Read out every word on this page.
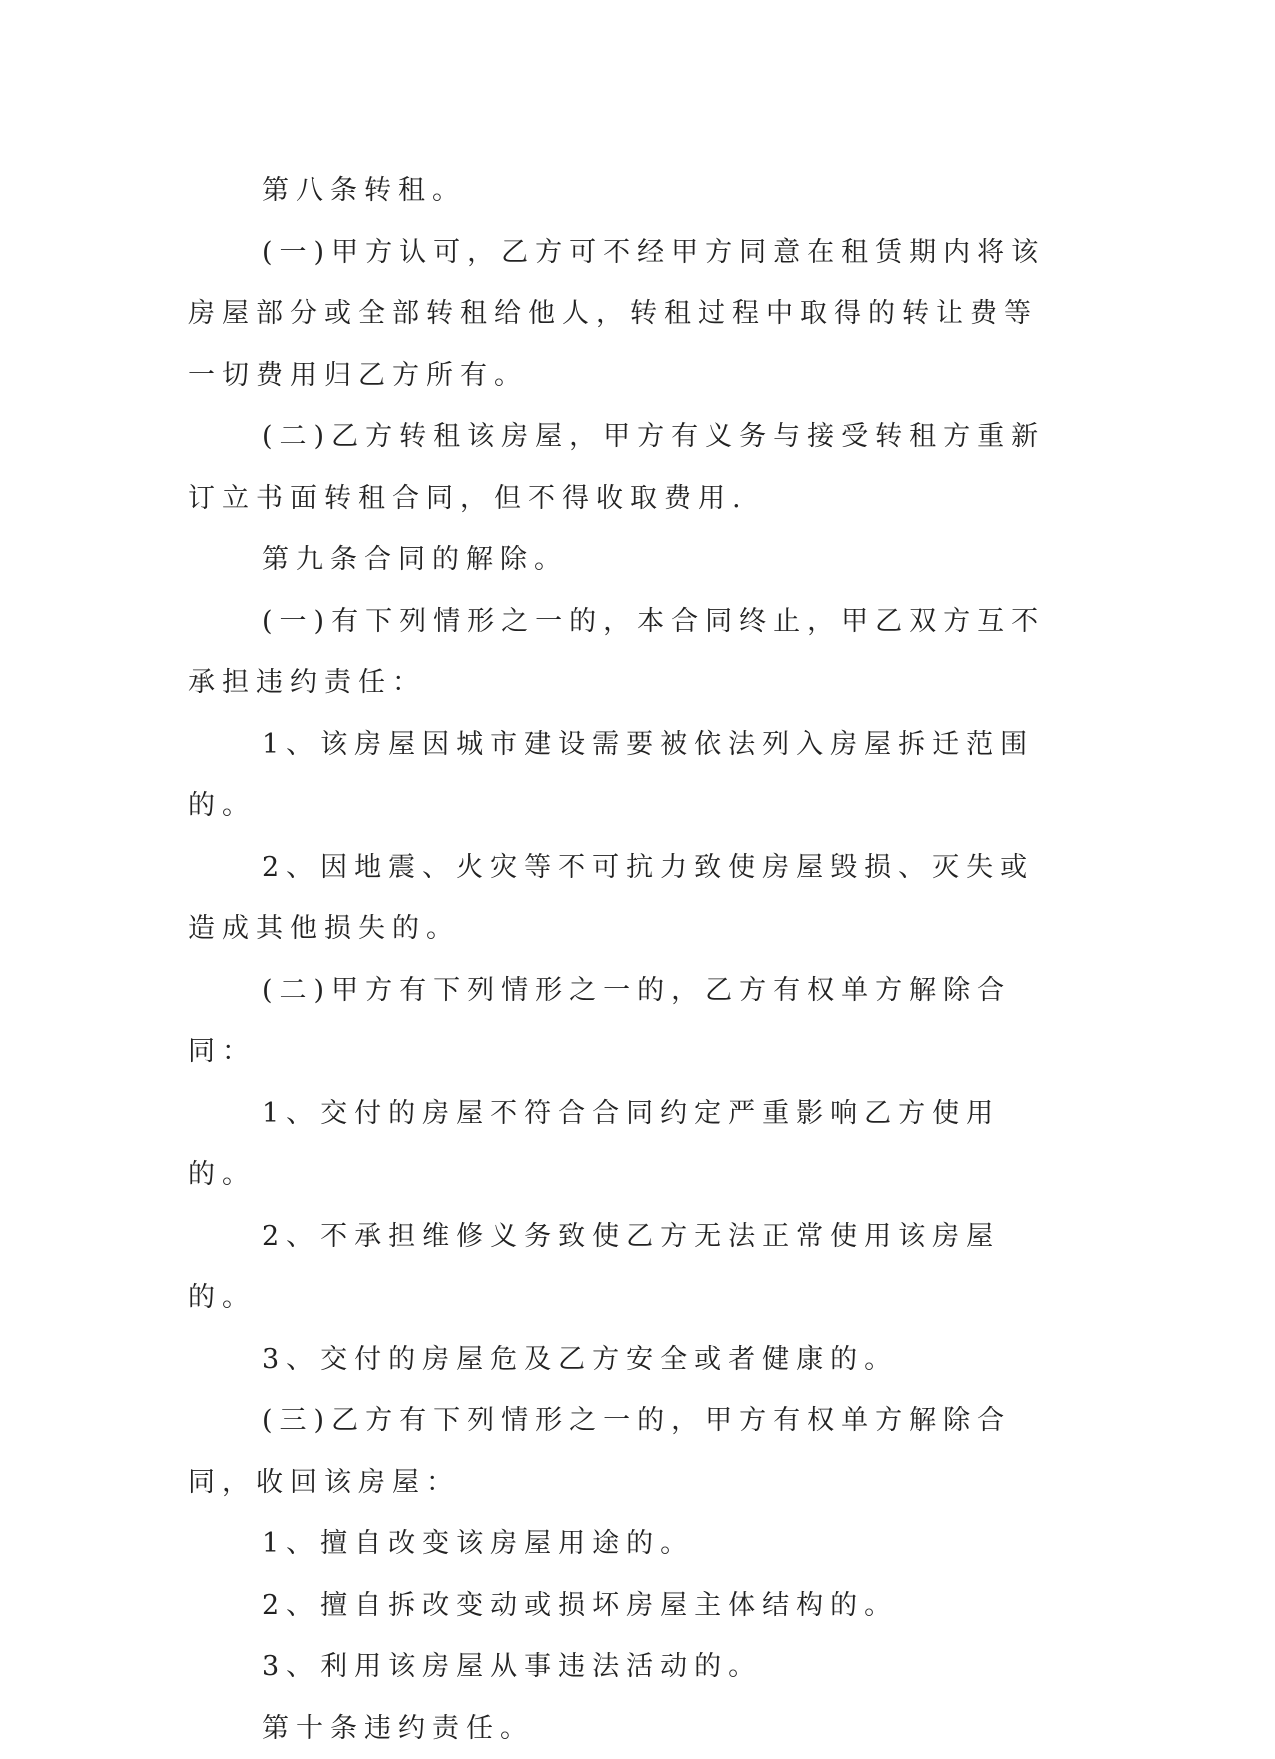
第八条转租。

(一)甲方认可，乙方可不经甲方同意在租赁期内将该房屋部分或全部转租给他人，转租过程中取得的转让费等一切费用归乙方所有。

(二)乙方转租该房屋，甲方有义务与接受转租方重新订立书面转租合同，但不得收取费用.

第九条合同的解除。

(一)有下列情形之一的，本合同终止，甲乙双方互不承担违约责任：

1、该房屋因城市建设需要被依法列入房屋拆迁范围的。

2、因地震、火灾等不可抗力致使房屋毁损、灭失或造成其他损失的。

(二)甲方有下列情形之一的，乙方有权单方解除合同：

1、交付的房屋不符合合同约定严重影响乙方使用的。

2、不承担维修义务致使乙方无法正常使用该房屋的。

3、交付的房屋危及乙方安全或者健康的。

(三)乙方有下列情形之一的，甲方有权单方解除合同，收回该房屋：

1、擅自改变该房屋用途的。

2、擅自拆改变动或损坏房屋主体结构的。

3、利用该房屋从事违法活动的。

第十条违约责任。
